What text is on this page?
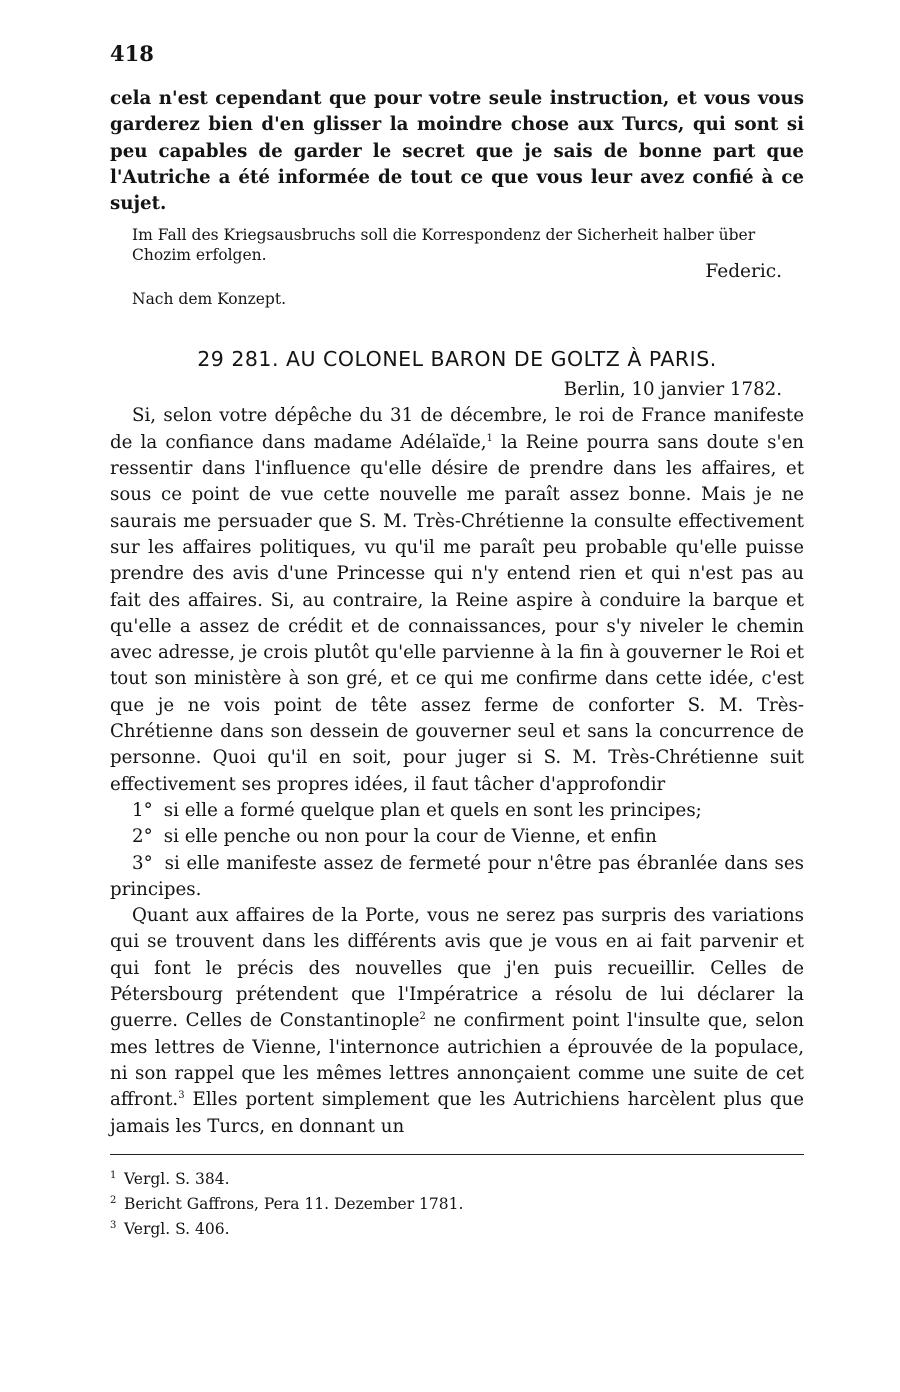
418

cela n'est cependant que pour votre seule instruction, et vous vous garderez bien d'en glisser la moindre chose aux Turcs, qui sont si peu capables de garder le secret que je sais de bonne part que l'Autriche a été informée de tout ce que vous leur avez confié à ce sujet.

Im Fall des Kriegsausbruchs soll die Korrespondenz der Sicherheit halber über Chozim erfolgen.

Federic.
Nach dem Konzept.
29 281. AU COLONEL BARON DE GOLTZ À PARIS.
Berlin, 10 janvier 1782.

Si, selon votre dépêche du 31 de décembre, le roi de France manifeste de la confiance dans madame Adélaïde,$^1$ la Reine pourra sans doute s'en ressentir dans l'influence qu'elle désire de prendre dans les affaires, et sous ce point de vue cette nouvelle me paraît assez bonne. Mais je ne saurais me persuader que S. M. Très-Chrétienne la consulte effectivement sur les affaires politiques, vu qu'il me paraît peu probable qu'elle puisse prendre des avis d'une Princesse qui n'y entend rien et qui n'est pas au fait des affaires. Si, au contraire, la Reine aspire à conduire la barque et qu'elle a assez de crédit et de connaissances, pour s'y niveler le chemin avec adresse, je crois plutôt qu'elle parvienne à la fin à gouverner le Roi et tout son ministère à son gré, et ce qui me confirme dans cette idée, c'est que je ne vois point de tête assez ferme de conforter S. M. Très-Chrétienne dans son dessein de gouverner seul et sans la concurrence de personne. Quoi qu'il en soit, pour juger si S. M. Très-Chrétienne suit effectivement ses propres idées, il faut tâcher d'approfondir

1° si elle a formé quelque plan et quels en sont les principes;

2° si elle penche ou non pour la cour de Vienne, et enfin

3° si elle manifeste assez de fermeté pour n'être pas ébranlée dans ses principes.

Quant aux affaires de la Porte, vous ne serez pas surpris des variations qui se trouvent dans les différents avis que je vous en ai fait parvenir et qui font le précis des nouvelles que j'en puis recueillir. Celles de Pétersbourg prétendent que l'Impératrice a résolu de lui déclarer la guerre. Celles de Constantinople$^2$ ne confirment point l'insulte que, selon mes lettres de Vienne, l'internonce autrichien a éprouvée de la populace, ni son rappel que les mêmes lettres annonçaient comme une suite de cet affront.$^3$ Elles portent simplement que les Autrichiens harcèlent plus que jamais les Turcs, en donnant un

1 Vergl. S. 384.

2 Bericht Gaffrons, Pera 11. Dezember 1781.

3 Vergl. S. 406.
